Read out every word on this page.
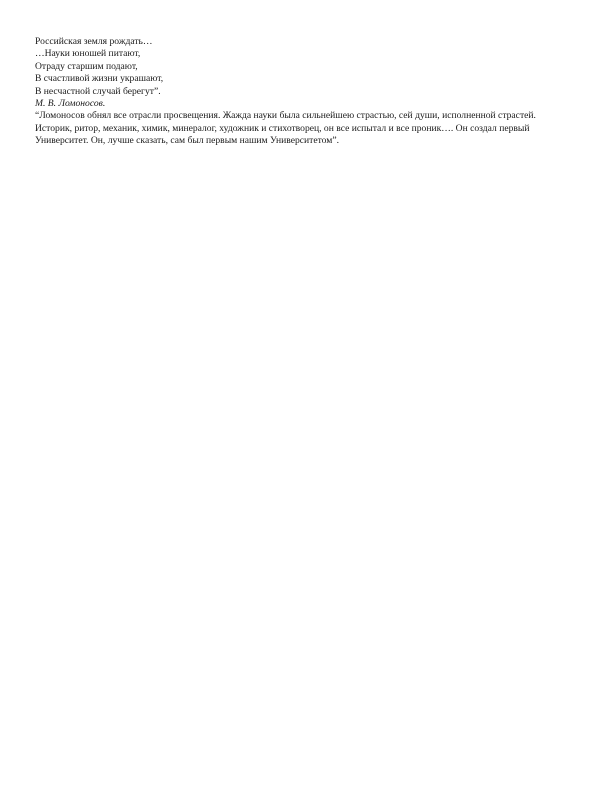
Российская земля рождать…
…Науки юношей питают,
Отраду старшим подают,
В счастливой жизни украшают,
В несчастной случай берегут”.
М. В. Ломоносов.

“Ломоносов обнял все отрасли просвещения. Жажда науки была сильнейшею страстью, сей души, исполненной страстей. Историк, ритор, механик, химик, минералог, художник и стихотворец, он все испытал и все проник…. Он создал первый Университет. Он, лучше сказать, сам был первым нашим Университетом”.
